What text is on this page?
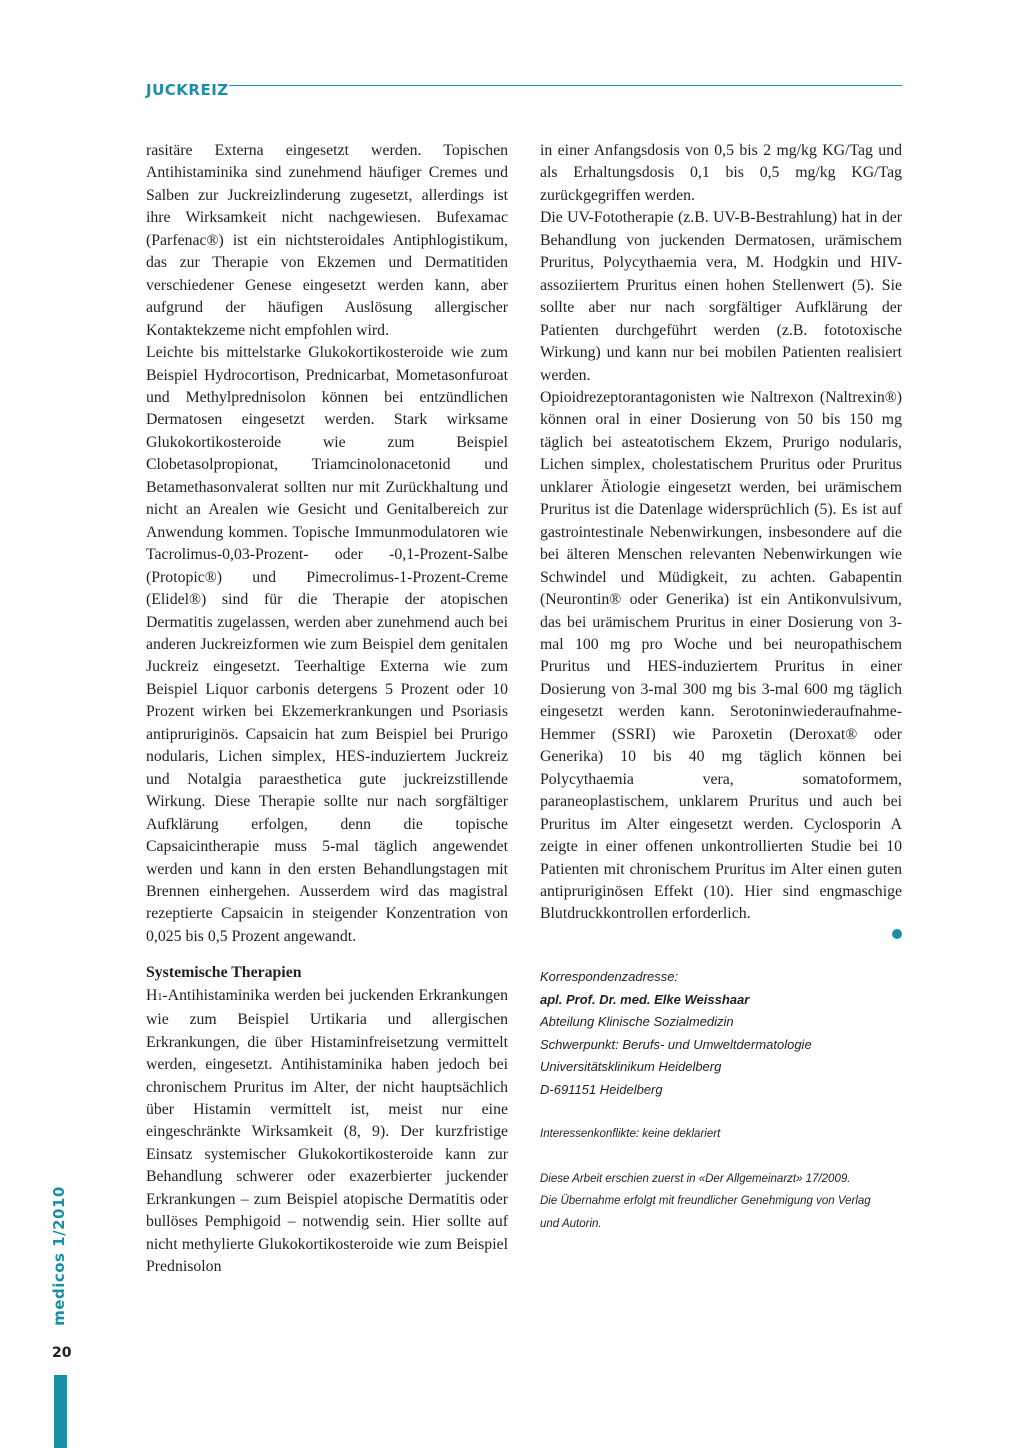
JUCKREIZ

rasitäre Externa eingesetzt werden. Topischen Antihistaminika sind zunehmend häufiger Cremes und Salben zur Juckreizlinderung zugesetzt, allerdings ist ihre Wirksamkeit nicht nachgewiesen. Bufexamac (Parfenac®) ist ein nichtsteroidales Antiphlogistikum, das zur Therapie von Ekzemen und Dermatitiden verschiedener Genese eingesetzt werden kann, aber aufgrund der häufigen Auslösung allergischer Kontaktekzeme nicht empfohlen wird.

Leichte bis mittelstarke Glukokortikosteroide wie zum Beispiel Hydrocortison, Prednicarbat, Mometasonfuroat und Methylprednisolon können bei entzündlichen Dermatosen eingesetzt werden. Stark wirksame Glukokortikosteroide wie zum Beispiel Clobetasolpropionat, Triamcinolonacetonid und Betamethasonvalerat sollten nur mit Zurückhaltung und nicht an Arealen wie Gesicht und Genitalbereich zur Anwendung kommen. Topische Immunmodulatoren wie Tacrolimus-0,03-Prozent- oder -0,1-Prozent-Salbe (Protopic®) und Pimecrolimus-1-Prozent-Creme (Elidel®) sind für die Therapie der atopischen Dermatitis zugelassen, werden aber zunehmend auch bei anderen Juckreizformen wie zum Beispiel dem genitalen Juckreiz eingesetzt. Teerhaltige Externa wie zum Beispiel Liquor carbonis detergens 5 Prozent oder 10 Prozent wirken bei Ekzemerkrankungen und Psoriasis antipruriginös. Capsaicin hat zum Beispiel bei Prurigo nodularis, Lichen simplex, HES-induziertem Juckreiz und Notalgia paraesthetica gute juckreizstillende Wirkung. Diese Therapie sollte nur nach sorgfältiger Aufklärung erfolgen, denn die topische Capsaicintherapie muss 5-mal täglich angewendet werden und kann in den ersten Behandlungstagen mit Brennen einhergehen. Ausserdem wird das magistral rezeptierte Capsaicin in steigender Konzentration von 0,025 bis 0,5 Prozent angewandt.

Systemische Therapien

H1-Antihistaminika werden bei juckenden Erkrankungen wie zum Beispiel Urtikaria und allergischen Erkrankungen, die über Histaminfreisetzung vermittelt werden, eingesetzt. Antihistaminika haben jedoch bei chronischem Pruritus im Alter, der nicht hauptsächlich über Histamin vermittelt ist, meist nur eine eingeschränkte Wirksamkeit (8, 9). Der kurzfristige Einsatz systemischer Glukokortikosteroide kann zur Behandlung schwerer oder exazerbierter juckender Erkrankungen – zum Beispiel atopische Dermatitis oder bullöses Pemphigoid – notwendig sein. Hier sollte auf nicht methylierte Glukokortikosteroide wie zum Beispiel Prednisolon

in einer Anfangsdosis von 0,5 bis 2 mg/kg KG/Tag und als Erhaltungsdosis 0,1 bis 0,5 mg/kg KG/Tag zurückgegriffen werden.

Die UV-Fototherapie (z.B. UV-B-Bestrahlung) hat in der Behandlung von juckenden Dermatosen, urämischem Pruritus, Polycythaemia vera, M. Hodgkin und HIV-assoziiertem Pruritus einen hohen Stellenwert (5). Sie sollte aber nur nach sorgfältiger Aufklärung der Patienten durchgeführt werden (z.B. fototoxische Wirkung) und kann nur bei mobilen Patienten realisiert werden.

Opioidrezeptorantagonisten wie Naltrexon (Naltrexin®) können oral in einer Dosierung von 50 bis 150 mg täglich bei asteatotischem Ekzem, Prurigo nodularis, Lichen simplex, cholestatischem Pruritus oder Pruritus unklarer Ätiologie eingesetzt werden, bei urämischem Pruritus ist die Datenlage widersprüchlich (5). Es ist auf gastrointestinale Nebenwirkungen, insbesondere auf die bei älteren Menschen relevanten Nebenwirkungen wie Schwindel und Müdigkeit, zu achten. Gabapentin (Neurontin® oder Generika) ist ein Antikonvulsivum, das bei urämischem Pruritus in einer Dosierung von 3-mal 100 mg pro Woche und bei neuropathischem Pruritus und HES-induziertem Pruritus in einer Dosierung von 3-mal 300 mg bis 3-mal 600 mg täglich eingesetzt werden kann. Serotoninwiederaufnahme-Hemmer (SSRI) wie Paroxetin (Deroxat® oder Generika) 10 bis 40 mg täglich können bei Polycythaemia vera, somatoformem, paraneoplastischem, unklarem Pruritus und auch bei Pruritus im Alter eingesetzt werden. Cyclosporin A zeigte in einer offenen unkontrollierten Studie bei 10 Patienten mit chronischem Pruritus im Alter einen guten antipruriginösen Effekt (10). Hier sind engmaschige Blutdruckkontrollen erforderlich.

Korrespondenzadresse:
apl. Prof. Dr. med. Elke Weisshaar
Abteilung Klinische Sozialmedizin
Schwerpunkt: Berufs- und Umweltdermatologie
Universitätsklinikum Heidelberg
D-691151 Heidelberg
Interessenkonflikte: keine deklariert
Diese Arbeit erschien zuerst in «Der Allgemeinarzt» 17/2009.
Die Übernahme erfolgt mit freundlicher Genehmigung von Verlag
und Autorin.
medicos 1/2010
20
